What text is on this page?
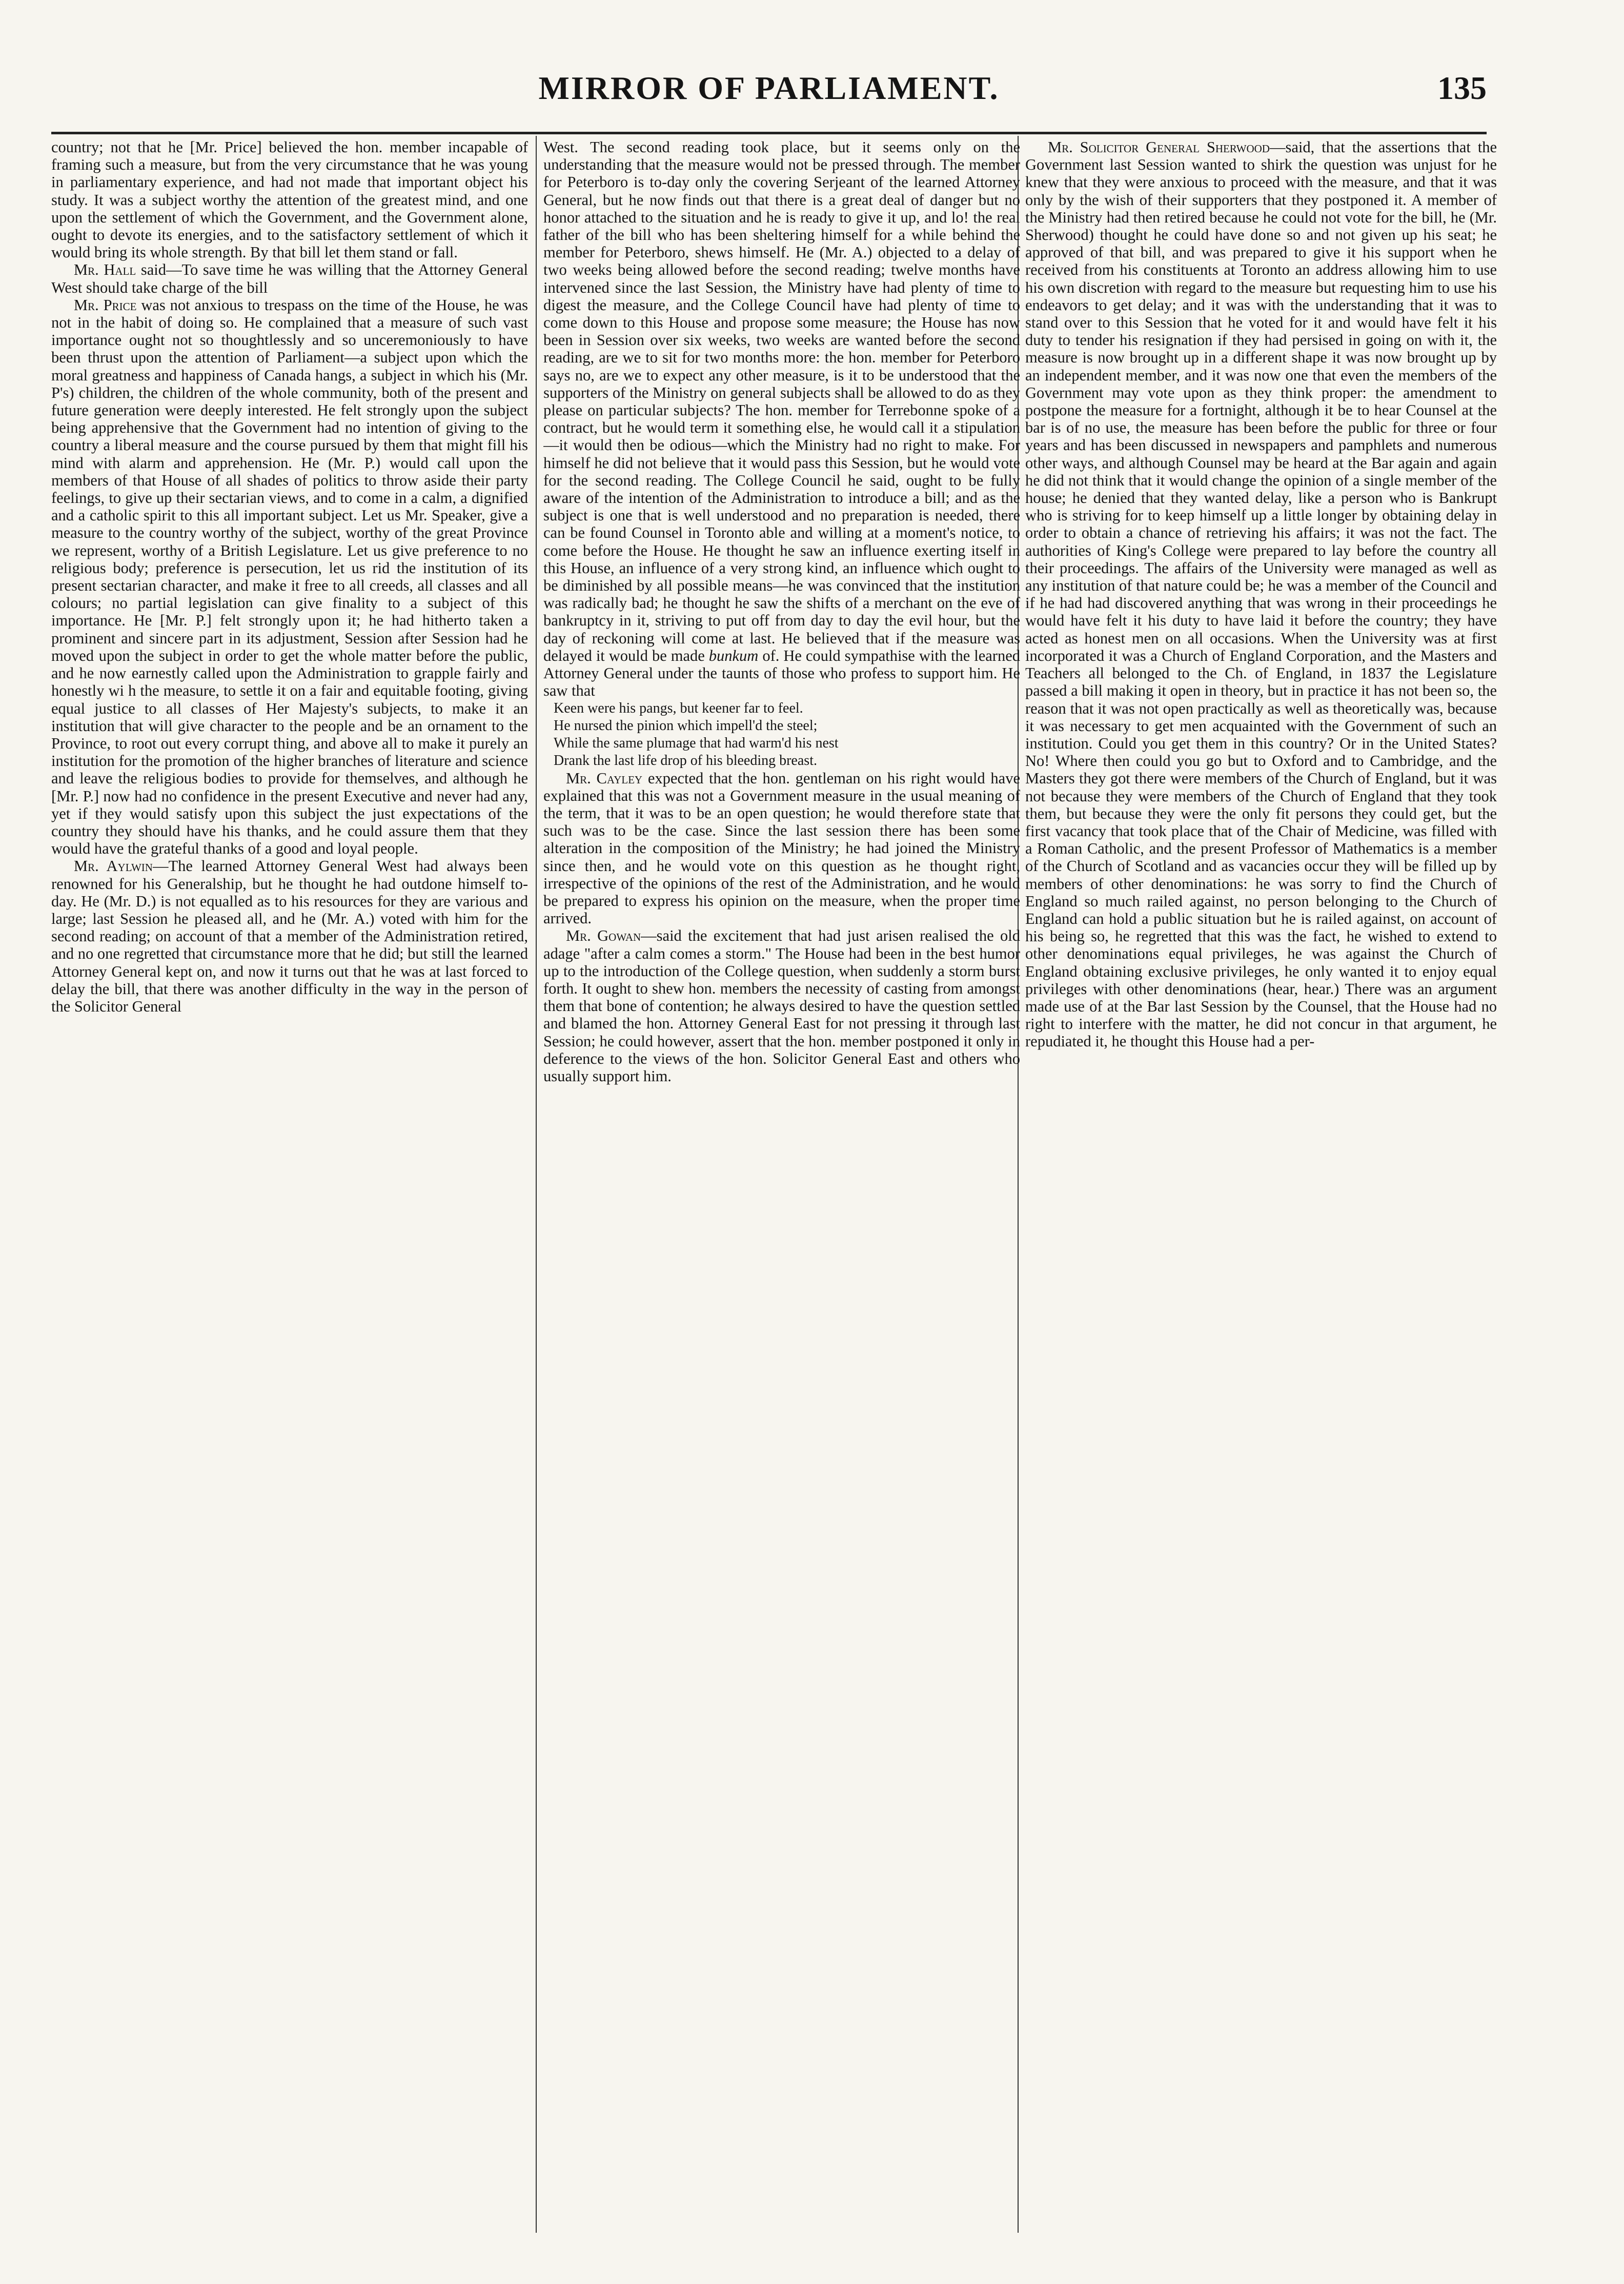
MIRROR OF PARLIAMENT.	135

country; not that he [Mr. Price] believed the hon. member incapable of framing such a measure, but from the very circumstance that he was young in parliamentary experience, and had not made that important object his study. It was a subject worthy the attention of the greatest mind, and one upon the settlement of which the Government, and the Government alone, ought to devote its energies, and to the satisfactory settlement of which it would bring its whole strength. By that bill let them stand or fall.

Mr. Hall said—To save time he was willing that the Attorney General West should take charge of the bill

Mr. Price was not anxious to trespass on the time of the House, he was not in the habit of doing so. He complained that a measure of such vast importance ought not so thoughtlessly and so unceremoniously to have been thrust upon the attention of Parliament—a subject upon which the moral greatness and happiness of Canada hangs, a subject in which his (Mr. P's) children, the children of the whole community, both of the present and future generation were deeply interested. He felt strongly upon the subject being apprehensive that the Government had no intention of giving to the country a liberal measure and the course pursued by them that might fill his mind with alarm and apprehension. He (Mr. P.) would call upon the members of that House of all shades of politics to throw aside their party feelings, to give up their sectarian views, and to come in a calm, a dignified and a catholic spirit to this all important subject. Let us Mr. Speaker, give a measure to the country worthy of the subject, worthy of the great Province we represent, worthy of a British Legislature. Let us give preference to no religious body; preference is persecution, let us rid the institution of its present sectarian character, and make it free to all creeds, all classes and all colours; no partial legislation can give finality to a subject of this importance. He [Mr. P.] felt strongly upon it; he had hitherto taken a prominent and sincere part in its adjustment, Session after Session had he moved upon the subject in order to get the whole matter before the public, and he now earnestly called upon the Administration to grapple fairly and honestly wi h the measure, to settle it on a fair and equitable footing, giving equal justice to all classes of Her Majesty's subjects, to make it an institution that will give character to the people and be an ornament to the Province, to root out every corrupt thing, and above all to make it purely an institution for the promotion of the higher branches of literature and science and leave the religious bodies to provide for themselves, and although he [Mr. P.] now had no confidence in the present Executive and never had any, yet if they would satisfy upon this subject the just expectations of the country they should have his thanks, and he could assure them that they would have the grateful thanks of a good and loyal people.

Mr. Aylwin—The learned Attorney General West had always been renowned for his Generalship, but he thought he had outdone himself to-day. He (Mr. D.) is not equalled as to his resources for they are various and large; last Session he pleased all, and he (Mr. A.) voted with him for the second reading; on account of that a member of the Administration retired, and no one regretted that circumstance more that he did; but still the learned Attorney General kept on, and now it turns out that he was at last forced to delay the bill, that there was another difficulty in the way in the person of the Solicitor General

West. The second reading took place, but it seems only on the understanding that the measure would not be pressed through. The member for Peterboro is to-day only the covering Serjeant of the learned Attorney General, but he now finds out that there is a great deal of danger but no honor attached to the situation and he is ready to give it up, and lo! the real father of the bill who has been sheltering himself for a while behind the member for Peterboro, shews himself. He (Mr. A.) objected to a delay of two weeks being allowed before the second reading; twelve months have intervened since the last Session, the Ministry have had plenty of time to digest the measure, and the College Council have had plenty of time to come down to this House and propose some measure; the House has now been in Session over six weeks, two weeks are wanted before the second reading, are we to sit for two months more: the hon. member for Peterboro says no, are we to expect any other measure, is it to be understood that the supporters of the Ministry on general subjects shall be allowed to do as they please on particular subjects? The hon. member for Terrebonne spoke of a contract, but he would term it something else, he would call it a stipulation—it would then be odious—which the Ministry had no right to make. For himself he did not believe that it would pass this Session, but he would vote for the second reading. The College Council he said, ought to be fully aware of the intention of the Administration to introduce a bill; and as the subject is one that is well understood and no preparation is needed, there can be found Counsel in Toronto able and willing at a moment's notice, to come before the House. He thought he saw an influence exerting itself in this House, an influence of a very strong kind, an influence which ought to be diminished by all possible means—he was convinced that the institution was radically bad; he thought he saw the shifts of a merchant on the eve of bankruptcy in it, striving to put off from day to day the evil hour, but the day of reckoning will come at last. He believed that if the measure was delayed it would be made bunkum of. He could sympathise with the learned Attorney General under the taunts of those who profess to support him. He saw that

Keen were his pangs, but keener far to feel.
He nursed the pinion which impell'd the steel;
While the same plumage that had warm'd his nest
Drank the last life drop of his bleeding breast.

Mr. Cayley expected that the hon. gentleman on his right would have explained that this was not a Government measure in the usual meaning of the term, that it was to be an open question; he would therefore state that such was to be the case. Since the last session there has been some alteration in the composition of the Ministry; he had joined the Ministry since then, and he would vote on this question as he thought right, irrespective of the opinions of the rest of the Administration, and he would be prepared to express his opinion on the measure, when the proper time arrived.

Mr. Gowan—said the excitement that had just arisen realised the old adage "after a calm comes a storm." The House had been in the best humor up to the introduction of the College question, when suddenly a storm burst forth. It ought to shew hon. members the necessity of casting from amongst them that bone of contention; he always desired to have the question settled and blamed the hon. Attorney General East for not pressing it through last Session; he could however, assert that the hon. member postponed it only in deference to the views of the hon. Solicitor General East and others who usually support him.

Mr. Solicitor General Sherwood—said, that the assertions that the Government last Session wanted to shirk the question was unjust for he knew that they were anxious to proceed with the measure, and that it was only by the wish of their supporters that they postponed it. A member of the Ministry had then retired because he could not vote for the bill, he (Mr. Sherwood) thought he could have done so and not given up his seat; he approved of that bill, and was prepared to give it his support when he received from his constituents at Toronto an address allowing him to use his own discretion with regard to the measure but requesting him to use his endeavors to get delay; and it was with the understanding that it was to stand over to this Session that he voted for it and would have felt it his duty to tender his resignation if they had persised in going on with it, the measure is now brought up in a different shape it was now brought up by an independent member, and it was now one that even the members of the Government may vote upon as they think proper: the amendment to postpone the measure for a fortnight, although it be to hear Counsel at the bar is of no use, the measure has been before the public for three or four years and has been discussed in newspapers and pamphlets and numerous other ways, and although Counsel may be heard at the Bar again and again he did not think that it would change the opinion of a single member of the house; he denied that they wanted delay, like a person who is Bankrupt who is striving for to keep himself up a little longer by obtaining delay in order to obtain a chance of retrieving his affairs; it was not the fact. The authorities of King's College were prepared to lay before the country all their proceedings. The affairs of the University were managed as well as any institution of that nature could be; he was a member of the Council and if he had had discovered anything that was wrong in their proceedings he would have felt it his duty to have laid it before the country; they have acted as honest men on all occasions. When the University was at first incorporated it was a Church of England Corporation, and the Masters and Teachers all belonged to the Ch. of England, in 1837 the Legislature passed a bill making it open in theory, but in practice it has not been so, the reason that it was not open practically as well as theoretically was, because it was necessary to get men acquainted with the Government of such an institution. Could you get them in this country? Or in the United States? No! Where then could you go but to Oxford and to Cambridge, and the Masters they got there were members of the Church of England, but it was not because they were members of the Church of England that they took them, but because they were the only fit persons they could get, but the first vacancy that took place that of the Chair of Medicine, was filled with a Roman Catholic, and the present Professor of Mathematics is a member of the Church of Scotland and as vacancies occur they will be filled up by members of other denominations: he was sorry to find the Church of England so much railed against, no person belonging to the Church of England can hold a public situation but he is railed against, on account of his being so, he regretted that this was the fact, he wished to extend to other denominations equal privileges, he was against the Church of England obtaining exclusive privileges, he only wanted it to enjoy equal privileges with other denominations (hear, hear.) There was an argument made use of at the Bar last Session by the Counsel, that the House had no right to interfere with the matter, he did not concur in that argument, he repudiated it, he thought this House had a per-
